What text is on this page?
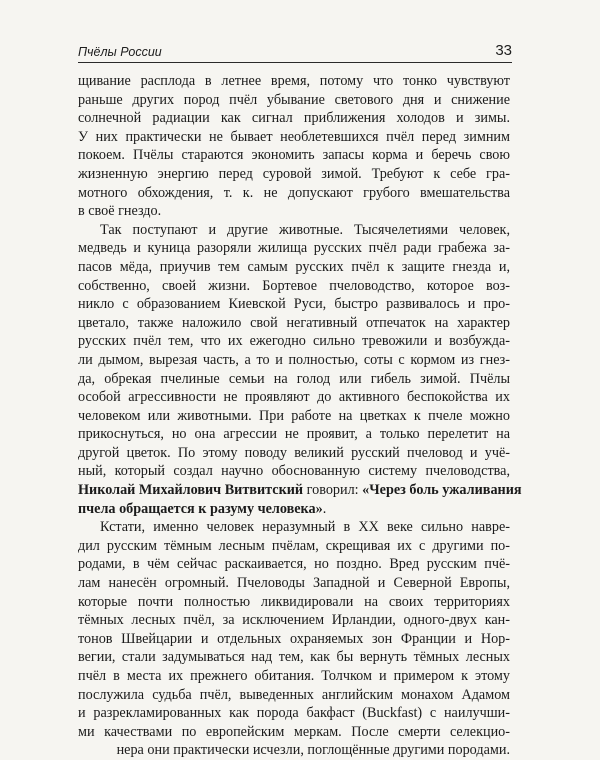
Пчёлы России	33
щивание расплода в летнее время, потому что тонко чувствуют
раньше других пород пчёл убывание светового дня и снижение
солнечной радиации как сигнал приближения холодов и зимы.
У них практически не бывает необлетевшихся пчёл перед зимним
покоем. Пчёлы стараются экономить запасы корма и беречь свою
жизненную энергию перед суровой зимой. Требуют к себе гра-
мотного обхождения, т. к. не допускают грубого вмешательства
в своё гнездо.
Так поступают и другие животные. Тысячелетиями человек,
медведь и куница разоряли жилища русских пчёл ради грабежа за-
пасов мёда, приучив тем самым русских пчёл к защите гнезда и,
собственно, своей жизни. Бортевое пчеловодство, которое воз-
никло с образованием Киевской Руси, быстро развивалось и про-
цветало, также наложило свой негативный отпечаток на характер
русских пчёл тем, что их ежегодно сильно тревожили и возбужда-
ли дымом, вырезая часть, а то и полностью, соты с кормом из гнез-
да, обрекая пчелиные семьи на голод или гибель зимой. Пчёлы
особой агрессивности не проявляют до активного беспокойства их
человеком или животными. При работе на цветках к пчеле можно
прикоснуться, но она агрессии не проявит, а только перелетит на
другой цветок. По этому поводу великий русский пчеловод и учё-
ный, который создал научно обоснованную систему пчеловодства,
Николай Михайлович Витвитский говорил: «Через боль ужаливания
пчела обращается к разуму человека».
Кстати, именно человек неразумный в XX веке сильно навре-
дил русским тёмным лесным пчёлам, скрещивая их с другими по-
родами, в чём сейчас раскаивается, но поздно. Вред русским пчё-
лам нанесён огромный. Пчеловоды Западной и Северной Европы,
которые почти полностью ликвидировали на своих территориях
тёмных лесных пчёл, за исключением Ирландии, одного-двух кан-
тонов Швейцарии и отдельных охраняемых зон Франции и Нор-
вегии, стали задумываться над тем, как бы вернуть тёмных лесных
пчёл в места их прежнего обитания. Толчком и примером к этому
послужила судьба пчёл, выведенных английским монахом Адамом
и разрекламированных как порода бакфаст (Buckfast) с наилучши-
ми качествами по европейским меркам. После смерти селекцио-
нера они практически исчезли, поглощённые другими породами.
